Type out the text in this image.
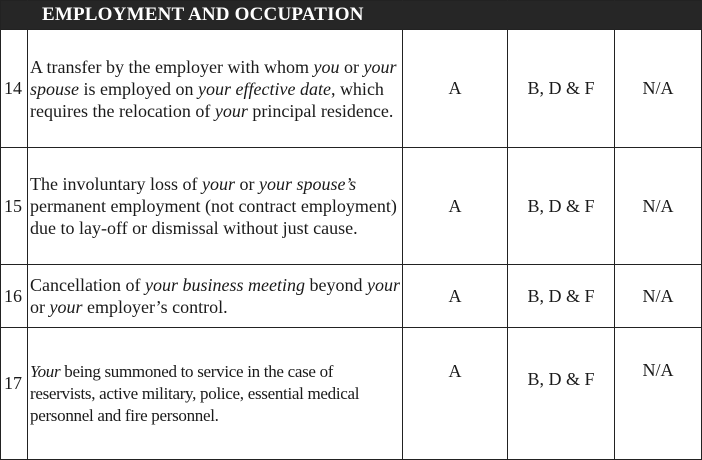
	EMPLOYMENT AND OCCUPATION			
14	A transfer by the employer with whom you or your spouse is employed on your effective date, which requires the relocation of your principal residence.	A	B, D & F	N/A
15	The involuntary loss of your or your spouse’s permanent employment (not contract employment) due to lay-off or dismissal without just cause.	A	B, D & F	N/A
16	Cancellation of your business meeting beyond your or your employer’s control.	A	B, D & F	N/A
17	Your being summoned to service in the case of reservists, active military, police, essential medical personnel and fire personnel.	A	B, D & F	N/A
